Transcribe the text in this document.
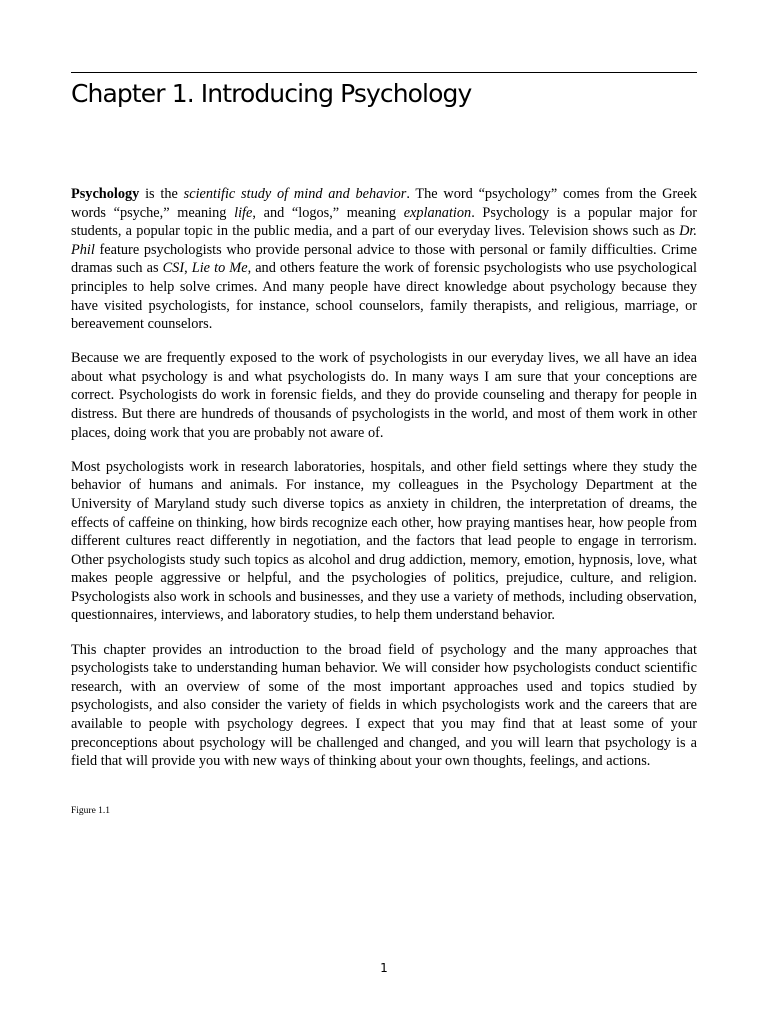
Chapter 1. Introducing Psychology

Psychology is the scientific study of mind and behavior. The word “psychology” comes from the Greek words “psyche,” meaning life, and “logos,” meaning explanation. Psychology is a popular major for students, a popular topic in the public media, and a part of our everyday lives. Television shows such as Dr. Phil feature psychologists who provide personal advice to those with personal or family difficulties. Crime dramas such as CSI, Lie to Me, and others feature the work of forensic psychologists who use psychological principles to help solve crimes. And many people have direct knowledge about psychology because they have visited psychologists, for instance, school counselors, family therapists, and religious, marriage, or bereavement counselors.

Because we are frequently exposed to the work of psychologists in our everyday lives, we all have an idea about what psychology is and what psychologists do. In many ways I am sure that your conceptions are correct. Psychologists do work in forensic fields, and they do provide counseling and therapy for people in distress. But there are hundreds of thousands of psychologists in the world, and most of them work in other places, doing work that you are probably not aware of.

Most psychologists work in research laboratories, hospitals, and other field settings where they study the behavior of humans and animals. For instance, my colleagues in the Psychology Department at the University of Maryland study such diverse topics as anxiety in children, the interpretation of dreams, the effects of caffeine on thinking, how birds recognize each other, how praying mantises hear, how people from different cultures react differently in negotiation, and the factors that lead people to engage in terrorism. Other psychologists study such topics as alcohol and drug addiction, memory, emotion, hypnosis, love, what makes people aggressive or helpful, and the psychologies of politics, prejudice, culture, and religion. Psychologists also work in schools and businesses, and they use a variety of methods, including observation, questionnaires, interviews, and laboratory studies, to help them understand behavior.

This chapter provides an introduction to the broad field of psychology and the many approaches that psychologists take to understanding human behavior. We will consider how psychologists conduct scientific research, with an overview of some of the most important approaches used and topics studied by psychologists, and also consider the variety of fields in which psychologists work and the careers that are available to people with psychology degrees. I expect that you may find that at least some of your preconceptions about psychology will be challenged and changed, and you will learn that psychology is a field that will provide you with new ways of thinking about your own thoughts, feelings, and actions.

Figure 1.1
1
